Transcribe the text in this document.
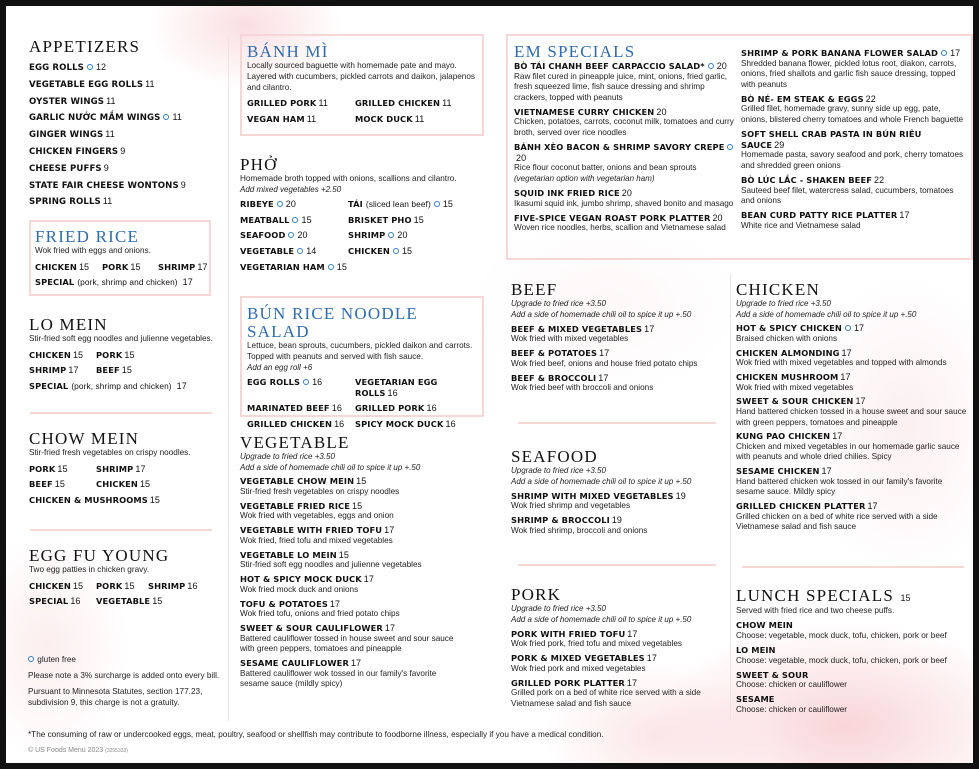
APPETIZERS
EGG ROLLS 12
VEGETABLE EGG ROLLS 11
OYSTER WINGS 11
GARLIC NƯỚC MẮM WINGS 11
GINGER WINGS 11
CHICKEN FINGERS 9
CHEESE PUFFS 9
STATE FAIR CHEESE WONTONS 9
SPRING ROLLS 11
FRIED RICE
Wok fried with eggs and onions.
CHICKEN 15	PORK 15	SHRIMP 17
SPECIAL (pork, shrimp and chicken) 17
LO MEIN
Stir-fried soft egg noodles and julienne vegetables.
CHICKEN 15	PORK 15
SHRIMP 17	BEEF 15
SPECIAL (pork, shrimp and chicken) 17
CHOW MEIN
Stir-fried fresh vegetables on crispy noodles.
PORK 15	SHRIMP 17
BEEF 15	CHICKEN 15
CHICKEN & MUSHROOMS 15
EGG FU YOUNG
Two egg patties in chicken gravy.
CHICKEN 15	PORK 15	SHRIMP 16
SPECIAL 16	VEGETABLE 15
gluten free
Please note a 3% surcharge is added onto every bill.
Pursuant to Minnesota Statutes, section 177.23,
subdivision 9, this charge is not a gratuity.
BÁNH MÌ
Locally sourced baguette with homemade pate and mayo. Layered with cucumbers, pickled carrots and daikon, jalapenos and cilantro.
GRILLED PORK 11	GRILLED CHICKEN 11
VEGAN HAM 11	MOCK DUCK 11
PHỞ
Homemade broth topped with onions, scallions and cilantro.
Add mixed vegetables +2.50
RIBEYE 20	TÁI (sliced lean beef) 15
MEATBALL 15	BRISKET PHO 15
SEAFOOD 20	SHRIMP 20
VEGETABLE 14	CHICKEN 15
VEGETARIAN HAM 15
BÚN RICE NOODLE SALAD
Lettuce, bean sprouts, cucumbers, pickled daikon and carrots. Topped with peanuts and served with fish sauce.
Add an egg roll +6
EGG ROLLS 16	VEGETARIAN EGG ROLLS 16
MARINATED BEEF 16	GRILLED PORK 16
GRILLED CHICKEN 16	SPICY MOCK DUCK 16
VEGETABLE
Upgrade to fried rice +3.50
Add a side of homemade chili oil to spice it up +.50
VEGETABLE CHOW MEIN 15
Stir-fried fresh vegetables on crispy noodles
VEGETABLE FRIED RICE 15
Wok fried with vegetables, eggs and onion
VEGETABLE WITH FRIED TOFU 17
Wok fried, fried tofu and mixed vegetables
VEGETABLE LO MEIN 15
Stir-fried soft egg noodles and julienne vegetables
HOT & SPICY MOCK DUCK 17
Wok fried mock duck and onions
TOFU & POTATOES 17
Wok fried tofu, onions and fried potato chips
SWEET & SOUR CAULIFLOWER 17
Battered cauliflower tossed in house sweet and sour sauce with green peppers, tomatoes and pineapple
SESAME CAULIFLOWER 17
Battered cauliflower wok tossed in our family's favorite sesame sauce (mildly spicy)
EM SPECIALS
BÒ TÁI CHANH BEEF CARPACCIO SALAD* 20
Raw filet cured in pineapple juice, mint, onions, fried garlic, fresh squeezed lime, fish sauce dressing and shrimp crackers, topped with peanuts
VIETNAMESE CURRY CHICKEN 20
Chicken, potatoes, carrots, coconut milk, tomatoes and curry broth, served over rice noodles
BÁNH XÈO BACON & SHRIMP SAVORY CREPE20
Rice flour coconut batter, onions and bean sprouts
(vegetarian option with vegetarian ham)
SQUID INK FRIED RICE 20
Ikasumi squid ink, jumbo shrimp, shaved bonito and masago
FIVE-SPICE VEGAN ROAST PORK PLATTER 20
Woven rice noodles, herbs, scallion and Vietnamese salad
SHRIMP & PORK BANANA FLOWER SALAD 17
Shredded banana flower, pickled lotus root, diakon, carrots, onions, fried shallots and garlic fish sauce dressing, topped with peanuts
BÒ NÉ- EM STEAK & EGGS 22
Grilled filet, homemade gravy, sunny side up egg, pate, onions, blistered cherry tomatoes and whole French baguette
SOFT SHELL CRAB PASTA IN BÚN RIÊU SAUCE 29
Homemade pasta, savory seafood and pork, cherry tomatoes and shredded green onions
BÒ LÚC LẮC - SHAKEN BEEF 22
Sauteed beef filet, watercress salad, cucumbers, tomatoes and onions
BEAN CURD PATTY RICE PLATTER 17
White rice and Vietnamese salad
BEEF
Upgrade to fried rice +3.50
Add a side of homemade chili oil to spice it up +.50
BEEF & MIXED VEGETABLES 17
Wok fried with mixed vegetables
BEEF & POTATOES 17
Wok fried beef, onions and house fried potato chips
BEEF & BROCCOLI 17
Wok fried beef with broccoli and onions
SEAFOOD
Upgrade to fried rice +3.50
Add a side of homemade chili oil to spice it up +.50
SHRIMP WITH MIXED VEGETABLES 19
Wok fried shrimp and vegetables
SHRIMP & BROCCOLI 19
Wok fried shrimp, broccoli and onions
PORK
Upgrade to fried rice +3.50
Add a side of homemade chili oil to spice it up +.50
PORK WITH FRIED TOFU 17
Wok fried pork, fried tofu and mixed vegetables
PORK & MIXED VEGETABLES 17
Wok fried pork and mixed vegetables
GRILLED PORK PLATTER 17
Grilled pork on a bed of white rice served with a side Vietnamese salad and fish sauce
CHICKEN
Upgrade to fried rice +3.50
Add a side of homemade chili oil to spice it up +.50
HOT & SPICY CHICKEN 17
Braised chicken with onions
CHICKEN ALMONDING 17
Wok fried with mixed vegetables and topped with almonds
CHICKEN MUSHROOM 17
Wok fried with mixed vegetables
SWEET & SOUR CHICKEN 17
Hand battered chicken tossed in a house sweet and sour sauce with green peppers, tomatoes and pineapple
KUNG PAO CHICKEN 17
Chicken and mixed vegetables in our homemade garlic sauce with peanuts and whole dried chilies. Spicy
SESAME CHICKEN 17
Hand battered chicken wok tossed in our family's favorite sesame sauce. Mildly spicy
GRILLED CHICKEN PLATTER 17
Grilled chicken on a bed of white rice served with a side Vietnamese salad and fish sauce
LUNCH SPECIALS 15
Served with fried rice and two cheese puffs.
CHOW MEIN
Choose: vegetable, mock duck, tofu, chicken, pork or beef
LO MEIN
Choose: vegetable, mock duck, tofu, chicken, pork or beef
SWEET & SOUR
Choose: chicken or cauliflower
SESAME
Choose: chicken or cauliflower
*The consuming of raw or undercooked eggs, meat, poultry, seafood or shellfish may contribute to foodborne illness, especially if you have a medical condition.
© US Foods Menu 2023 (3255333)
